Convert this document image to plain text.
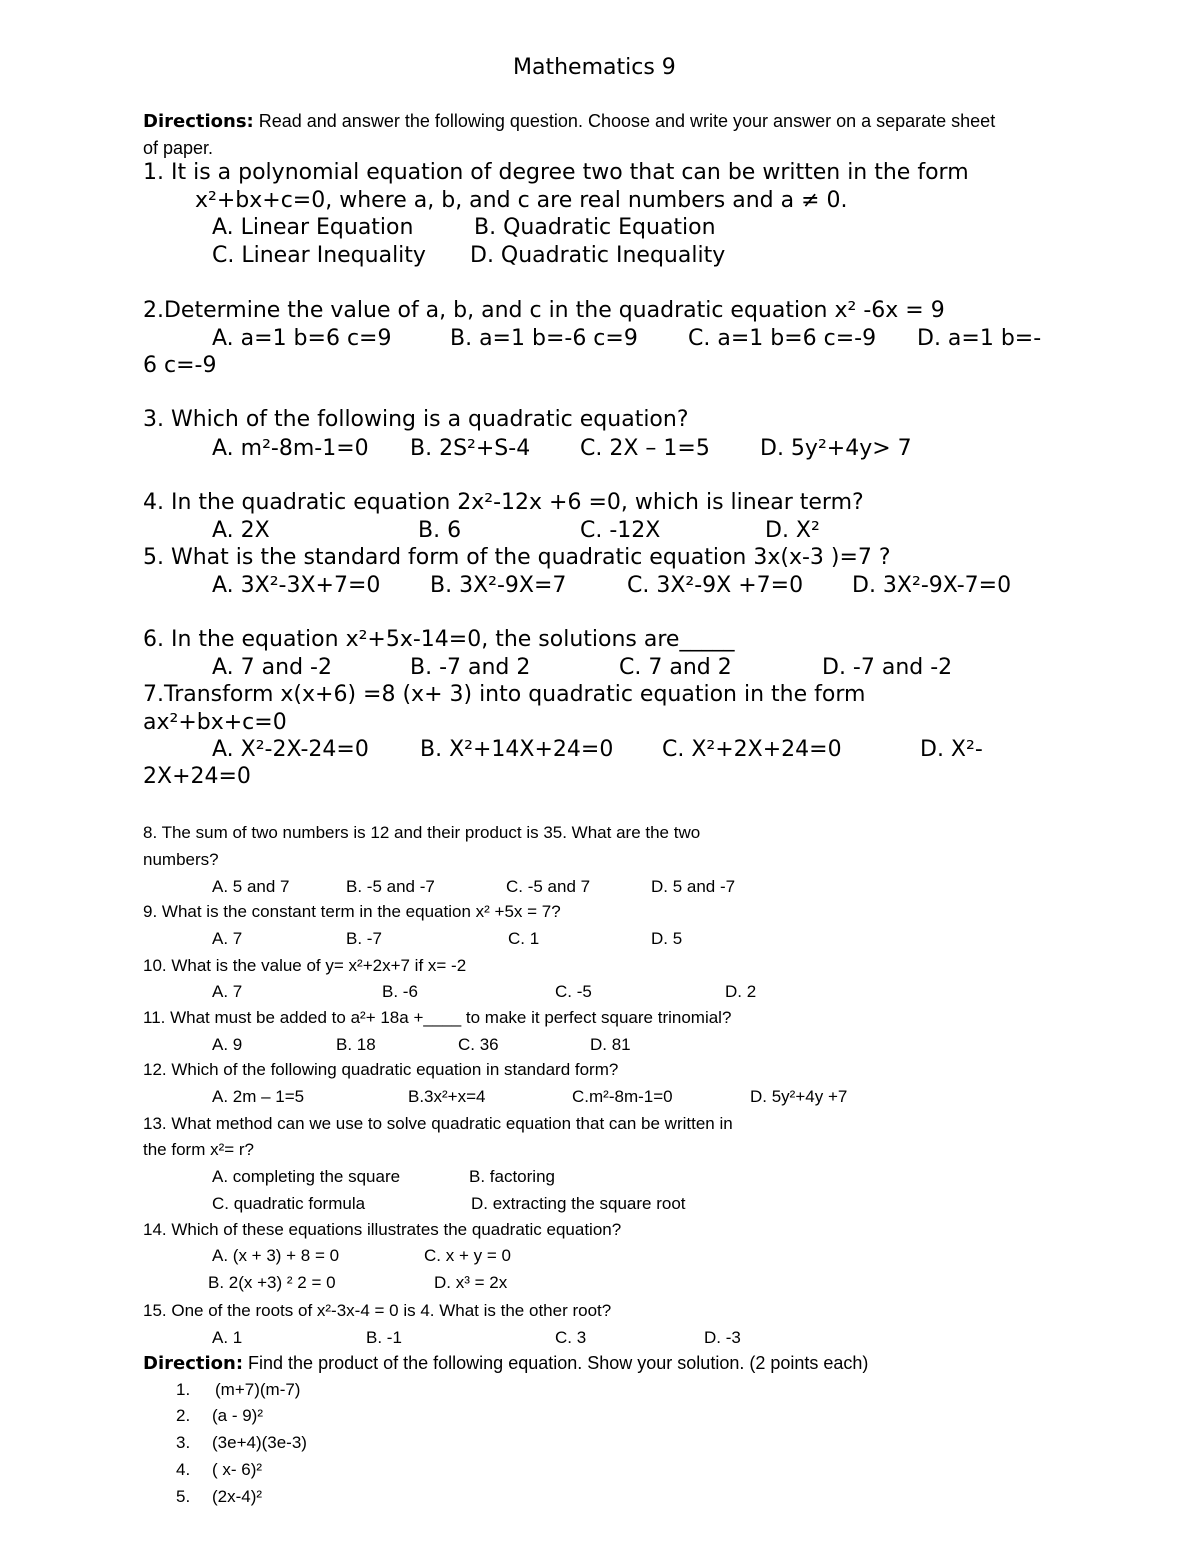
Mathematics 9
Directions: Read and answer the following question. Choose and write your answer on a separate sheet
of paper.
1. It is a polynomial equation of degree two that can be written in the form
x²+bx+c=0, where a, b, and c are real numbers and a ≠ 0.
A. Linear Equation	B. Quadratic Equation
C. Linear Inequality D. Quadratic Inequality
2.Determine the value of a, b, and c in the quadratic equation x² -6x = 9
A. a=1 b=6 c=9	B. a=1 b=-6 c=9 C. a=1 b=6 c=-9 D. a=1 b=-
6 c=-9
3. Which of the following is a quadratic equation?
A. m²-8m-1=0 B. 2S²+S-4 C. 2X – 1=5 D. 5y²+4y> 7
4. In the quadratic equation 2x²-12x +6 =0, which is linear term?
A. 2X	B. 6	C. -12X	D. X²
5. What is the standard form of the quadratic equation 3x(x-3 )=7 ?
A. 3X²-3X+7=0 B. 3X²-9X=7	C. 3X²-9X +7=0 D. 3X²-9X-7=0
6. In the equation x²+5x-14=0, the solutions are_____
A. 7 and -2	B. -7 and 2	C. 7 and 2	D. -7 and -2
7.Transform x(x+6) =8 (x+ 3) into quadratic equation in the form
ax²+bx+c=0
A. X²-2X-24=0 B. X²+14X+24=0 C. X²+2X+24=0	D. X²-
2X+24=0
8. The sum of two numbers is 12 and their product is 35. What are the two
numbers?
A. 5 and 7	B. -5 and -7	C. -5 and 7	D. 5 and -7
9. What is the constant term in the equation x² +5x = 7?
A. 7	B. -7	C. 1	D. 5
10. What is the value of y= x²+2x+7 if x= -2
A. 7	B. -6	C. -5	D. 2
11. What must be added to a²+ 18a +____ to make it perfect square trinomial?
A. 9	B. 18	C. 36	D. 81
12. Which of the following quadratic equation in standard form?
A. 2m – 1=5	B.3x²+x=4	C.m²-8m-1=0	D. 5y²+4y +7
13. What method can we use to solve quadratic equation that can be written in
the form x²= r?
A. completing the square	B. factoring
C. quadratic formula	D. extracting the square root
14. Which of these equations illustrates the quadratic equation?
A. (x + 3) + 8 = 0	C. x + y = 0
B. 2(x +3) ² 2 = 0	D. x³ = 2x
15. One of the roots of x²-3x-4 = 0 is 4. What is the other root?
A. 1	B. -1	C. 3	D. -3
Direction: Find the product of the following equation. Show your solution. (2 points each)
1. (m+7)(m-7)
2. (a - 9)²
3. (3e+4)(3e-3)
4. ( x- 6)²
5. (2x-4)²
